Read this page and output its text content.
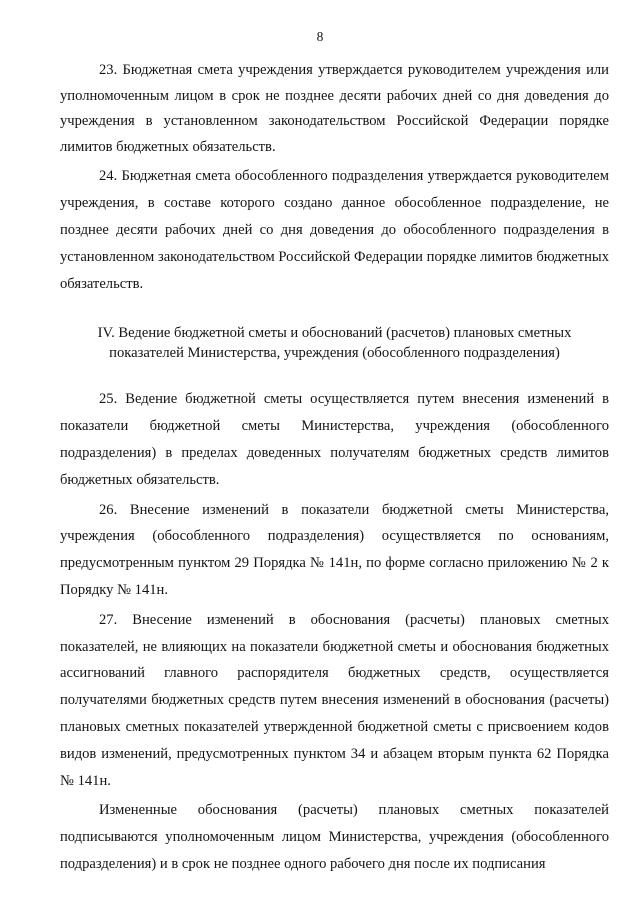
8

23. Бюджетная смета учреждения утверждается руководителем учреждения или уполномоченным лицом в срок не позднее десяти рабочих дней со дня доведения до учреждения в установленном законодательством Российской Федерации порядке лимитов бюджетных обязательств.

24. Бюджетная смета обособленного подразделения утверждается руководителем учреждения, в составе которого создано данное обособленное подразделение, не позднее десяти рабочих дней со дня доведения до обособленного подразделения в установленном законодательством Российской Федерации порядке лимитов бюджетных обязательств.

IV. Ведение бюджетной сметы и обоснований (расчетов) плановых сметных
показателей Министерства, учреждения (обособленного подразделения)

25. Ведение бюджетной сметы осуществляется путем внесения изменений в показатели бюджетной сметы Министерства, учреждения (обособленного подразделения) в пределах доведенных получателям бюджетных средств лимитов бюджетных обязательств.

26. Внесение изменений в показатели бюджетной сметы Министерства, учреждения (обособленного подразделения) осуществляется по основаниям, предусмотренным пунктом 29 Порядка № 141н, по форме согласно приложению № 2 к Порядку № 141н.

27. Внесение изменений в обоснования (расчеты) плановых сметных показателей, не влияющих на показатели бюджетной сметы и обоснования бюджетных ассигнований главного распорядителя бюджетных средств, осуществляется получателями бюджетных средств путем внесения изменений в обоснования (расчеты) плановых сметных показателей утвержденной бюджетной сметы с присвоением кодов видов изменений, предусмотренных пунктом 34 и абзацем вторым пункта 62 Порядка № 141н.

Измененные обоснования (расчеты) плановых сметных показателей подписываются уполномоченным лицом Министерства, учреждения (обособленного подразделения) и в срок не позднее одного рабочего дня после их подписания
